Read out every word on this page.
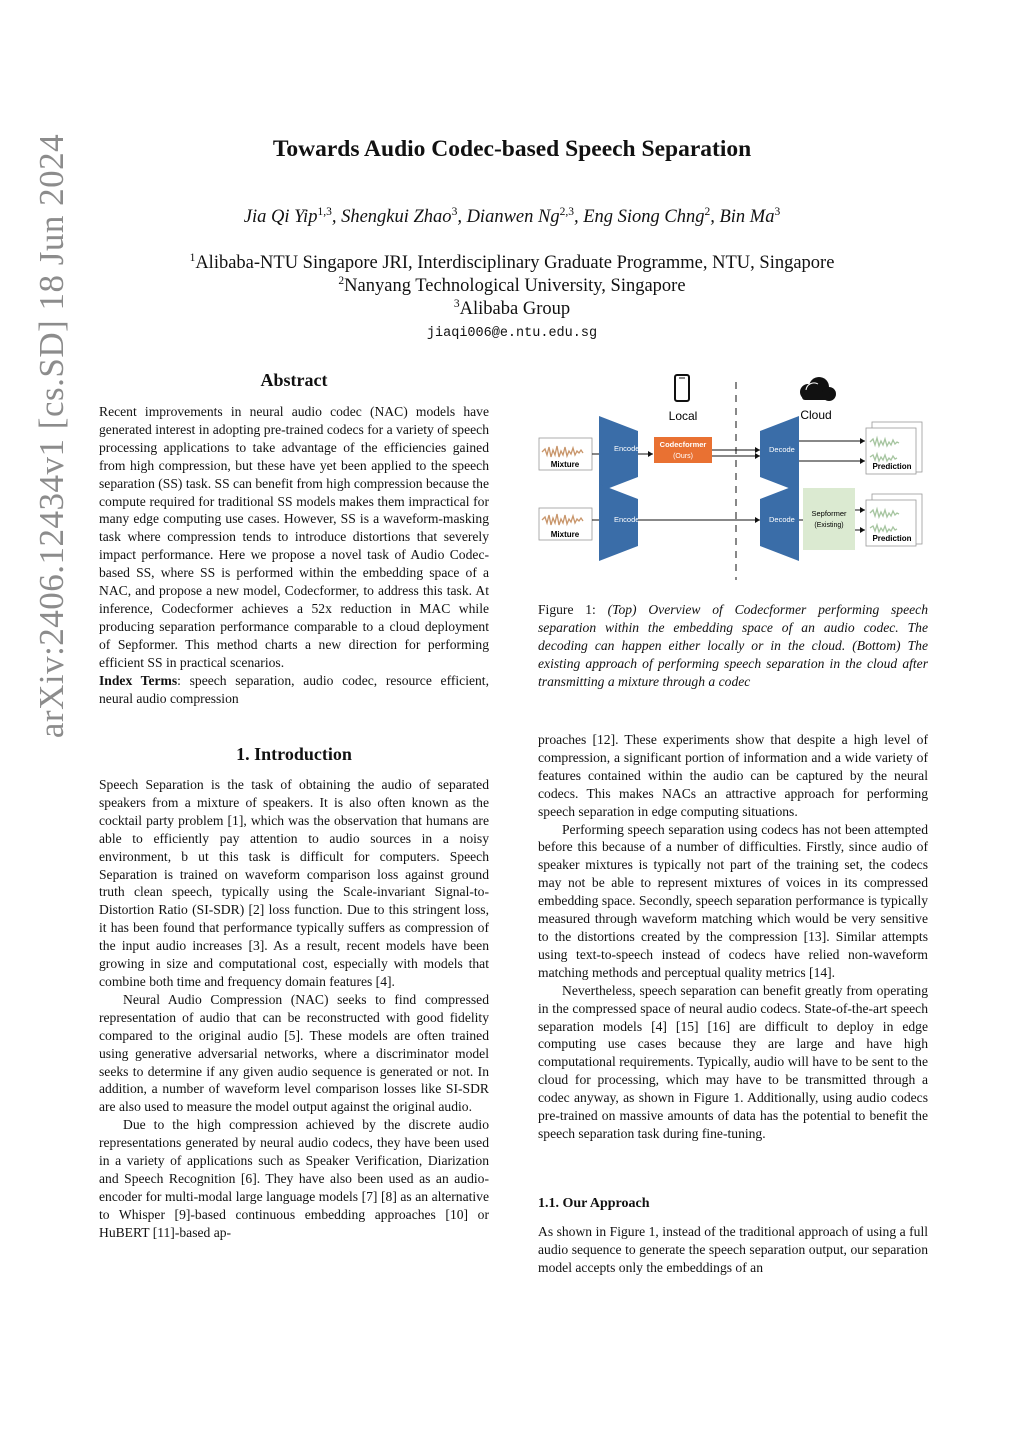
arXiv:2406.12434v1 [cs.SD] 18 Jun 2024	Towards Audio Codec-based Speech Separation
Jia Qi Yip$^{1,3}$, Shengkui Zhao$^3$, Dianwen Ng$^{2,3}$, Eng Siong Chng$^2$, Bin Ma$^3$
$^1$Alibaba-NTU Singapore JRI, Interdisciplinary Graduate Programme, NTU, Singapore
$^2$Nanyang Technological University, Singapore
$^3$Alibaba Group
jiaqi006@e.ntu.edu.sg
Abstract

Recent improvements in neural audio codec (NAC) models have generated interest in adopting pre-trained codecs for a variety of speech processing applications to take advantage of the efficiencies gained from high compression, but these have yet been applied to the speech separation (SS) task. SS can benefit from high compression because the compute required for traditional SS models makes them impractical for many edge computing use cases. However, SS is a waveform-masking task where compression tends to introduce distortions that severely impact performance. Here we propose a novel task of Audio Codec-based SS, where SS is performed within the embedding space of a NAC, and propose a new model, Codecformer, to address this task. At inference, Codecformer achieves a 52x reduction in MAC while producing separation performance comparable to a cloud deployment of Sepformer. This method charts a new direction for performing efficient SS in practical scenarios.

Index Terms: speech separation, audio codec, resource efficient, neural audio compression

1. Introduction

Speech Separation is the task of obtaining the audio of separated speakers from a mixture of speakers. It is also often known as the cocktail party problem [1], which was the observation that humans are able to efficiently pay attention to audio sources in a noisy environment, b ut this task is difficult for computers. Speech Separation is trained on waveform comparison loss against ground truth clean speech, typically using the Scale-invariant Signal-to-Distortion Ratio (SI-SDR) [2] loss function. Due to this stringent loss, it has been found that performance typically suffers as compression of the input audio increases [3]. As a result, recent models have been growing in size and computational cost, especially with models that combine both time and frequency domain features [4].

Neural Audio Compression (NAC) seeks to find compressed representation of audio that can be reconstructed with good fidelity compared to the original audio [5]. These models are often trained using generative adversarial networks, where a discriminator model seeks to determine if any given audio sequence is generated or not. In addition, a number of waveform level comparison losses like SI-SDR are also used to measure the model output against the original audio.

Due to the high compression achieved by the discrete audio representations generated by neural audio codecs, they have been used in a variety of applications such as Speaker Verification, Diarization and Speech Recognition [6]. They have also been used as an audio-encoder for multi-modal large language models [7] [8] as an alternative to Whisper [9]-based continuous embedding approaches [10] or HuBERT [11]-based ap-

Local	Cloud
Mixture
Encode	Codecformer
(Ours)
Decode
Prediction
Mixture
Encode	Decode
Sepformer
(Existing)
Prediction
Figure 1: (Top) Overview of Codecformer performing speech separation within the embedding space of an audio codec. The decoding can happen either locally or in the cloud. (Bottom) The existing approach of performing speech separation in the cloud after transmitting a mixture through a codec

proaches [12]. These experiments show that despite a high level of compression, a significant portion of information and a wide variety of features contained within the audio can be captured by the neural codecs. This makes NACs an attractive approach for performing speech separation in edge computing situations.

Performing speech separation using codecs has not been attempted before this because of a number of difficulties. Firstly, since audio of speaker mixtures is typically not part of the training set, the codecs may not be able to represent mixtures of voices in its compressed embedding space. Secondly, speech separation performance is typically measured through waveform matching which would be very sensitive to the distortions created by the compression [13]. Similar attempts using text-to-speech instead of codecs have relied non-waveform matching methods and perceptual quality metrics [14].

Nevertheless, speech separation can benefit greatly from operating in the compressed space of neural audio codecs. State-of-the-art speech separation models [4] [15] [16] are difficult to deploy in edge computing use cases because they are large and have high computational requirements. Typically, audio will have to be sent to the cloud for processing, which may have to be transmitted through a codec anyway, as shown in Figure 1. Additionally, using audio codecs pre-trained on massive amounts of data has the potential to benefit the speech separation task during fine-tuning.

1.1. Our Approach

As shown in Figure 1, instead of the traditional approach of using a full audio sequence to generate the speech separation output, our separation model accepts only the embeddings of an
